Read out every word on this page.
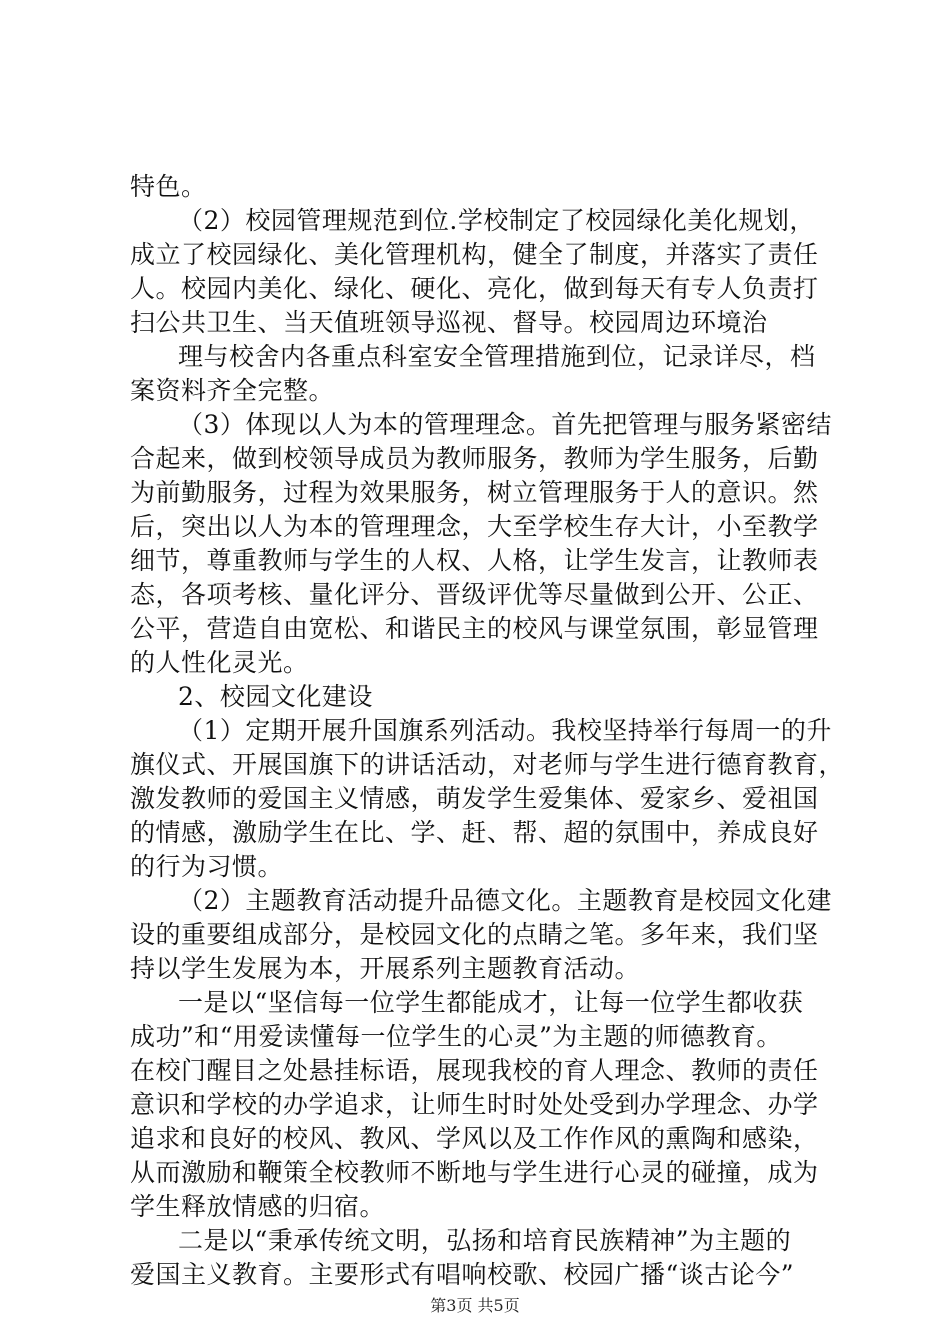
特色。
（2）校园管理规范到位.学校制定了校园绿化美化规划，
成立了校园绿化、美化管理机构，健全了制度，并落实了责任
人。校园内美化、绿化、硬化、亮化，做到每天有专人负责打
扫公共卫生、当天值班领导巡视、督导。校园周边环境治
理与校舍内各重点科室安全管理措施到位，记录详尽，档
案资料齐全完整。
（3）体现以人为本的管理理念。首先把管理与服务紧密结
合起来，做到校领导成员为教师服务，教师为学生服务，后勤
为前勤服务，过程为效果服务，树立管理服务于人的意识。然
后，突出以人为本的管理理念，大至学校生存大计，小至教学
细节，尊重教师与学生的人权、人格，让学生发言，让教师表
态，各项考核、量化评分、晋级评优等尽量做到公开、公正、
公平，营造自由宽松、和谐民主的校风与课堂氛围，彰显管理
的人性化灵光。
2、校园文化建设
（1）定期开展升国旗系列活动。我校坚持举行每周一的升
旗仪式、开展国旗下的讲话活动，对老师与学生进行德育教育，
激发教师的爱国主义情感，萌发学生爱集体、爱家乡、爱祖国
的情感，激励学生在比、学、赶、帮、超的氛围中，养成良好
的行为习惯。
（2）主题教育活动提升品德文化。主题教育是校园文化建
设的重要组成部分，是校园文化的点睛之笔。多年来，我们坚
持以学生发展为本，开展系列主题教育活动。
一是以“坚信每一位学生都能成才，让每一位学生都收获
成功”和“用爱读懂每一位学生的心灵”为主题的师德教育。
在校门醒目之处悬挂标语，展现我校的育人理念、教师的责任
意识和学校的办学追求，让师生时时处处受到办学理念、办学
追求和良好的校风、教风、学风以及工作作风的熏陶和感染，
从而激励和鞭策全校教师不断地与学生进行心灵的碰撞，成为
学生释放情感的归宿。
二是以“秉承传统文明，弘扬和培育民族精神”为主题的
爱国主义教育。主要形式有唱响校歌、校园广播“谈古论今”
第3页 共5页
